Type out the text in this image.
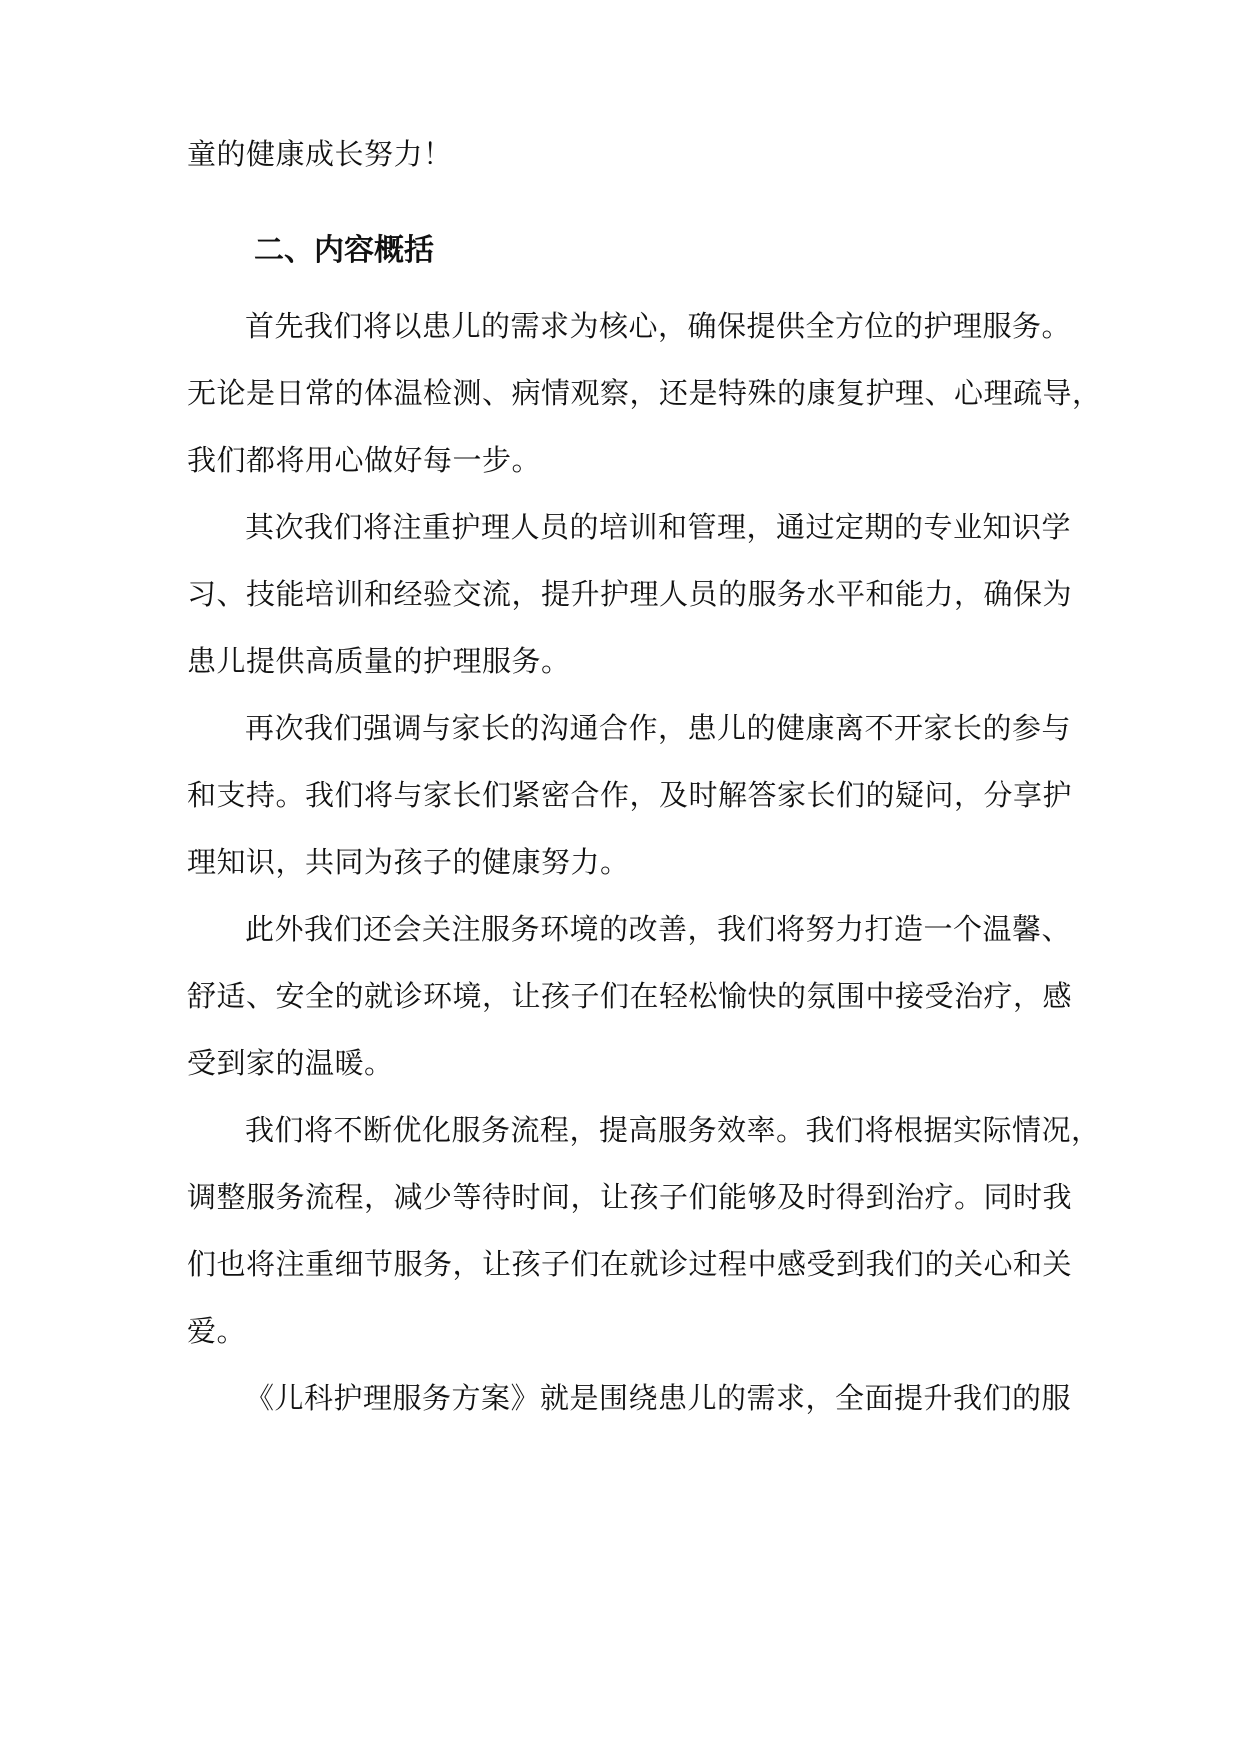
童的健康成长努力！
二、内容概括
首先我们将以患儿的需求为核心，确保提供全方位的护理服务。
无论是日常的体温检测、病情观察，还是特殊的康复护理、心理疏导，
我们都将用心做好每一步。
其次我们将注重护理人员的培训和管理，通过定期的专业知识学
习、技能培训和经验交流，提升护理人员的服务水平和能力，确保为
患儿提供高质量的护理服务。
再次我们强调与家长的沟通合作，患儿的健康离不开家长的参与
和支持。我们将与家长们紧密合作，及时解答家长们的疑问，分享护
理知识，共同为孩子的健康努力。
此外我们还会关注服务环境的改善，我们将努力打造一个温馨、
舒适、安全的就诊环境，让孩子们在轻松愉快的氛围中接受治疗，感
受到家的温暖。
我们将不断优化服务流程，提高服务效率。我们将根据实际情况，
调整服务流程，减少等待时间，让孩子们能够及时得到治疗。同时我
们也将注重细节服务，让孩子们在就诊过程中感受到我们的关心和关
爱。
《儿科护理服务方案》就是围绕患儿的需求，全面提升我们的服
